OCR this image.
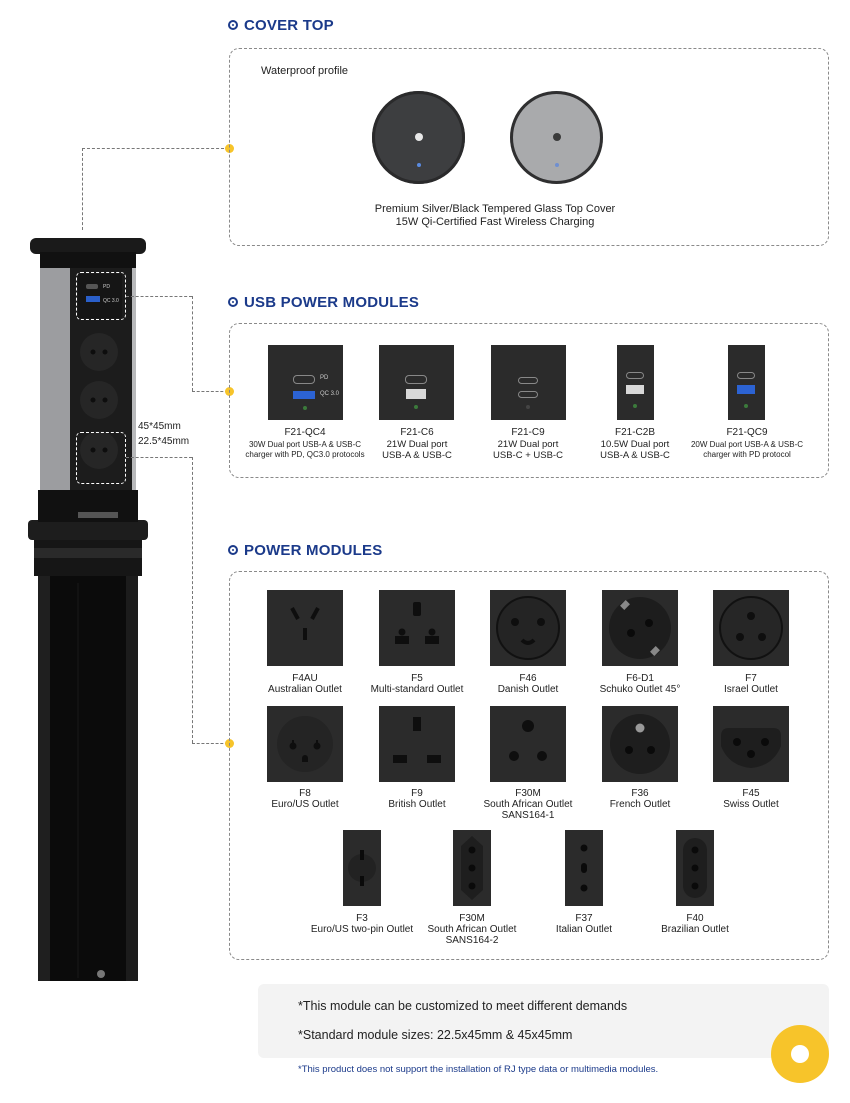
PD
QC 3.0
45*45mm
22.5*45mm
COVER TOP
Waterproof profile
Premium Silver/Black Tempered Glass Top Cover
15W Qi-Certified Fast Wireless Charging
USB POWER MODULES
PD
QC 3.0
F21-QC4
30W Dual port USB-A & USB-C
charger with PD, QC3.0 protocols
F21-C6
21W Dual port
USB-A & USB-C
F21-C9
21W Dual port
USB-C + USB-C
F21-C2B
10.5W Dual port
USB-A & USB-C
F21-QC9
20W Dual port USB-A & USB-C
charger with PD protocol
POWER MODULES
F4AU
Australian Outlet
F5
Multi-standard Outlet
F46
Danish Outlet
F6-D1
Schuko Outlet 45°
F7
Israel Outlet
F8
Euro/US Outlet
F9
British Outlet
F30M
South African Outlet
SANS164-1
F36
French Outlet
F45
Swiss Outlet
F3
Euro/US two-pin Outlet
F30M
South African Outlet
SANS164-2
F37
Italian Outlet
F40
Brazilian Outlet
*This module can be customized to meet different demands
*Standard module sizes: 22.5x45mm & 45x45mm
*This product does not support the installation of RJ type data or multimedia modules.
